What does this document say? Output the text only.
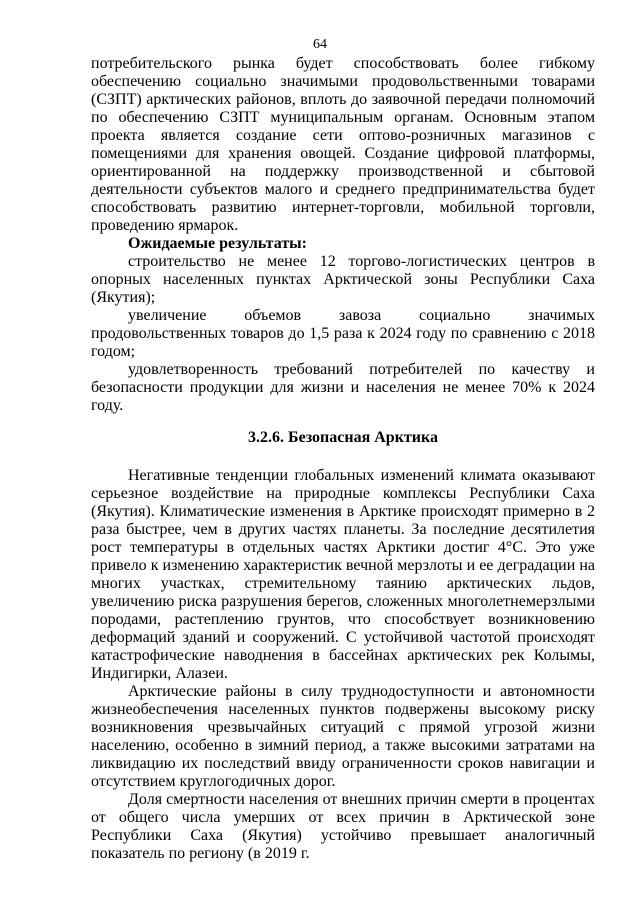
64

потребительского рынка будет способствовать более гибкому обеспечению социально значимыми продовольственными товарами (СЗПТ) арктических районов, вплоть до заявочной передачи полномочий по обеспечению СЗПТ муниципальным органам. Основным этапом проекта является создание сети оптово-розничных магазинов с помещениями для хранения овощей. Создание цифровой платформы, ориентированной на поддержку производственной и сбытовой деятельности субъектов малого и среднего предпринимательства будет способствовать развитию интернет-торговли, мобильной торговли, проведению ярмарок.

Ожидаемые результаты:

строительство не менее 12 торгово-логистических центров в опорных населенных пунктах Арктической зоны Республики Саха (Якутия);

увеличение объемов завоза социально значимых продовольственных товаров до 1,5 раза к 2024 году по сравнению с 2018 годом;

удовлетворенность требований потребителей по качеству и безопасности продукции для жизни и населения не менее 70% к 2024 году.

3.2.6. Безопасная Арктика

Негативные тенденции глобальных изменений климата оказывают серьезное воздействие на природные комплексы Республики Саха (Якутия). Климатические изменения в Арктике происходят примерно в 2 раза быстрее, чем в других частях планеты. За последние десятилетия рост температуры в отдельных частях Арктики достиг 4°С. Это уже привело к изменению характеристик вечной мерзлоты и ее деградации на многих участках, стремительному таянию арктических льдов, увеличению риска разрушения берегов, сложенных многолетнемерзлыми породами, растеплению грунтов, что способствует возникновению деформаций зданий и сооружений. С устойчивой частотой происходят катастрофические наводнения в бассейнах арктических рек Колымы, Индигирки, Алазеи.

Арктические районы в силу труднодоступности и автономности жизнеобеспечения населенных пунктов подвержены высокому риску возникновения чрезвычайных ситуаций с прямой угрозой жизни населению, особенно в зимний период, а также высокими затратами на ликвидацию их последствий ввиду ограниченности сроков навигации и отсутствием круглогодичных дорог.

Доля смертности населения от внешних причин смерти в процентах от общего числа умерших от всех причин в Арктической зоне Республики Саха (Якутия) устойчиво превышает аналогичный показатель по региону (в 2019 г.
